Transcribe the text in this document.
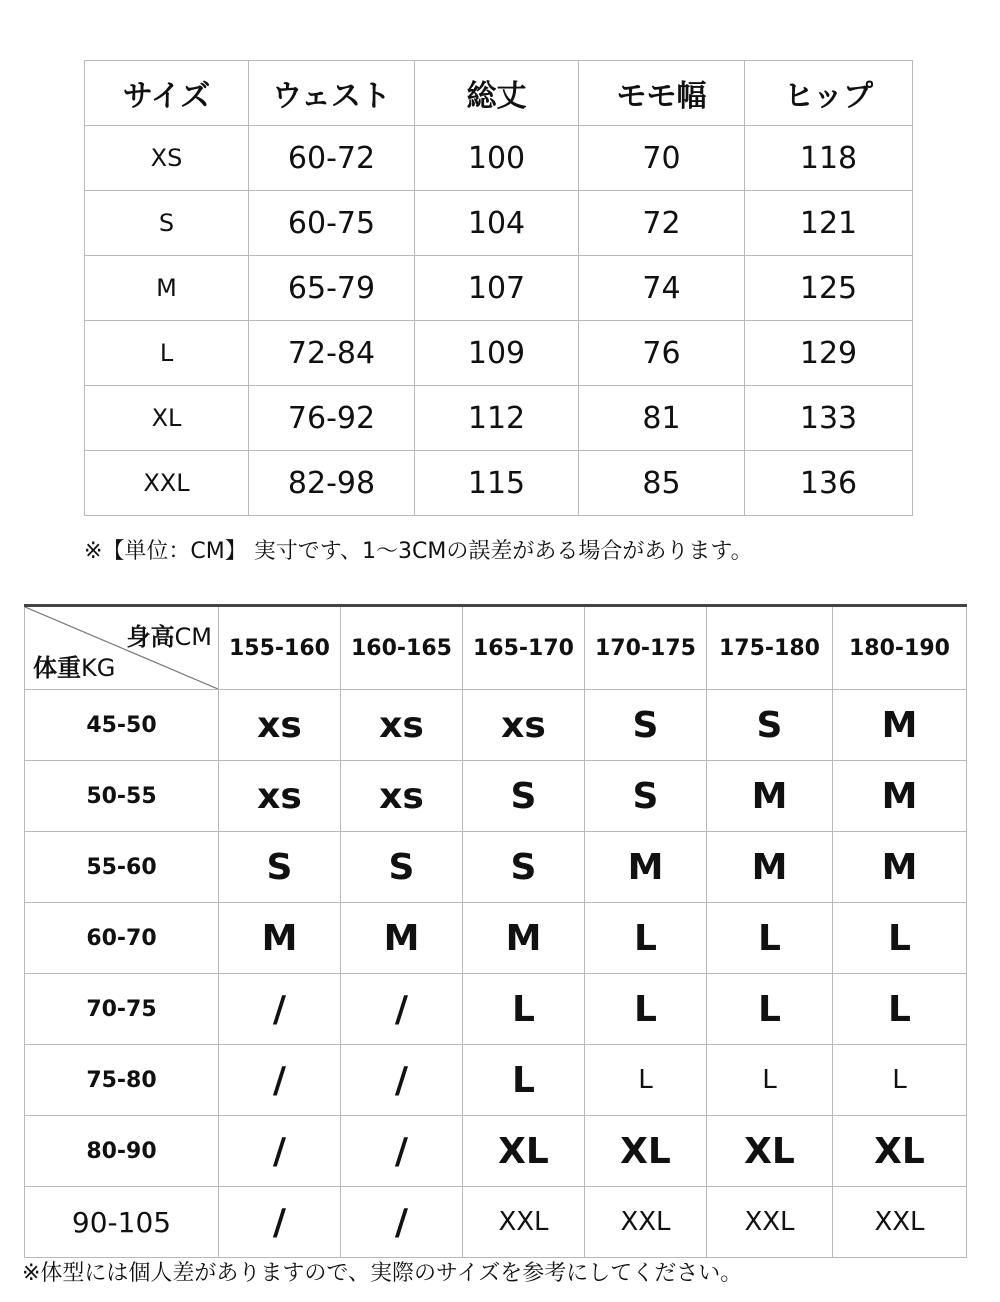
サイズ	ウェスト	総丈	モモ幅	ヒップ
XS	60-72	100	70	118
S	60-75	104	72	121
M	65-79	107	74	125
L	72-84	109	76	129
XL	76-92	112	81	133
XXL	82-98	115	85	136
※【単位：CM】 実寸です、1～3CMの誤差がある場合があります。
身高CM
体重KG	155-160	160-165	165-170	170-175	175-180	180-190
45-50	xs	xs	xs	S	S	M
50-55	xs	xs	S	S	M	M
55-60	S	S	S	M	M	M
60-70	M	M	M	L	L	L
70-75	/	/	L	L	L	L
75-80	/	/	L	L	L	L
80-90	/	/	XL	XL	XL	XL
90-105	/	/	XXL	XXL	XXL	XXL
※体型には個人差がありますので、実際のサイズを参考にしてください。
